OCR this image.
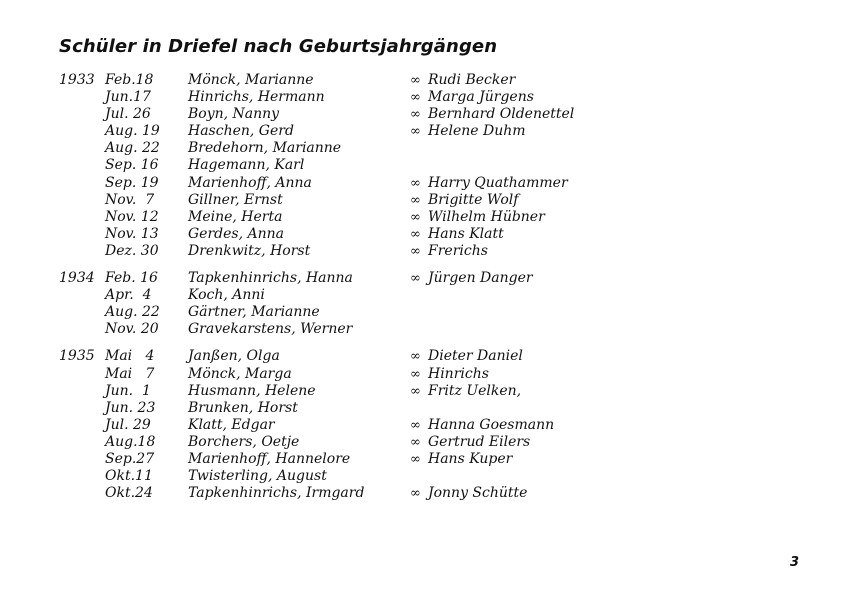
Schüler in Driefel nach Geburtsjahrgängen
1933 Feb.18 Mönck, Marianne	∞ Rudi Becker
Jun.17	Hinrichs, Hermann	∞ Marga Jürgens
Jul. 26	Boyn, Nanny	∞ Bernhard Oldenettel
Aug. 19 Haschen, Gerd	∞ Helene Duhm
Aug. 22 Bredehorn, Marianne
Sep. 16 Hagemann, Karl
Sep. 19 Marienhoff, Anna	∞ Harry Quathammer
Nov.  7 Gillner, Ernst	∞ Brigitte Wolf
Nov. 12 Meine, Herta	∞ Wilhelm Hübner
Nov. 13 Gerdes, Anna	∞ Hans Klatt
Dez. 30 Drenkwitz, Horst	∞ Frerichs
1934 Feb. 16 Tapkenhinrichs, Hanna	∞ Jürgen Danger
Apr.  4	Koch, Anni
Aug. 22 Gärtner, Marianne
Nov. 20 Gravekarstens, Werner
1935 Mai   4 Janßen, Olga	∞ Dieter Daniel
Mai   7 Mönck, Marga	∞ Hinrichs
Jun.  1	Husmann, Helene	∞ Fritz Uelken,
Jun. 23 Brunken, Horst
Jul. 29	Klatt, Edgar	∞ Hanna Goesmann
Aug.18 Borchers, Oetje	∞ Gertrud Eilers
Sep.27 Marienhoff, Hannelore	∞ Hans Kuper
Okt.11	Twisterling, August
Okt.24	Tapkenhinrichs, Irmgard	∞ Jonny Schütte
3
